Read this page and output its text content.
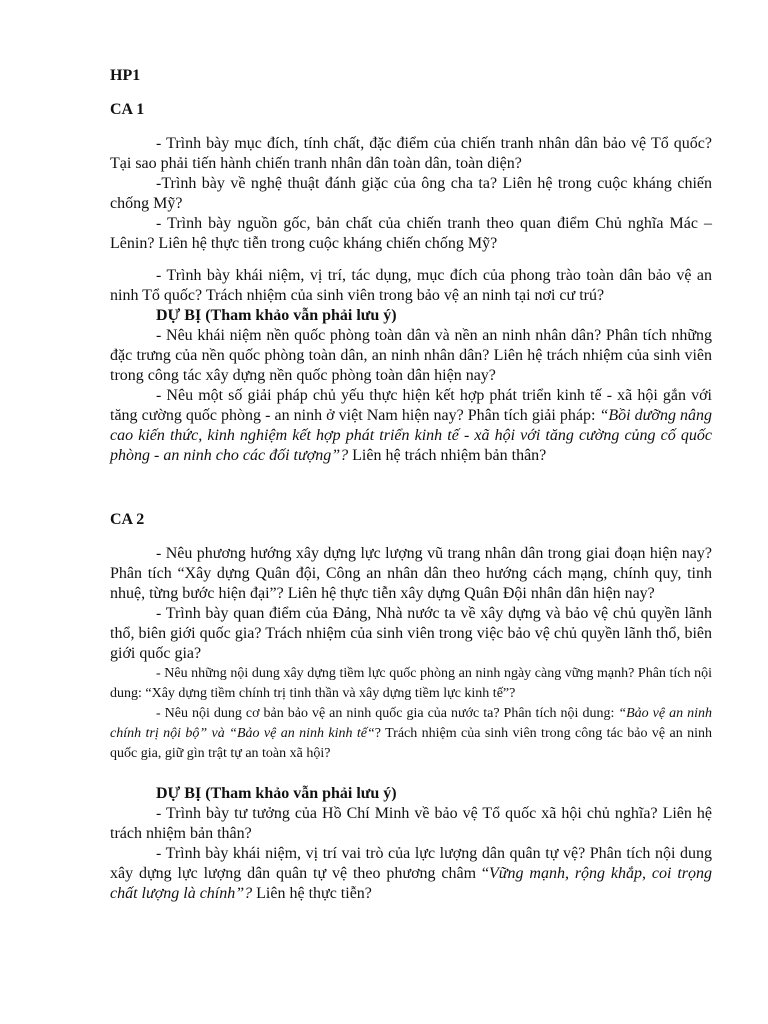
HP1

CA 1

- Trình bày mục đích, tính chất, đặc điểm của chiến tranh nhân dân bảo vệ Tổ quốc? Tại sao phải tiến hành chiến tranh nhân dân toàn dân, toàn diện?

-Trình bày về nghệ thuật đánh giặc của ông cha ta? Liên hệ trong cuộc kháng chiến chống Mỹ?

- Trình bày nguồn gốc, bản chất của chiến tranh theo quan điểm Chủ nghĩa Mác – Lênin? Liên hệ thực tiễn trong cuộc kháng chiến chống Mỹ?

- Trình bày khái niệm, vị trí, tác dụng, mục đích của phong trào toàn dân bảo vệ an ninh Tổ quốc? Trách nhiệm của sinh viên trong bảo vệ an ninh tại nơi cư trú?

DỰ BỊ (Tham khảo vẫn phải lưu ý)

- Nêu khái niệm nền quốc phòng toàn dân và nền an ninh nhân dân? Phân tích những đặc trưng của nền quốc phòng toàn dân, an ninh nhân dân? Liên hệ trách nhiệm của sinh viên trong công tác xây dựng nền quốc phòng toàn dân hiện nay?

- Nêu một số giải pháp chủ yếu thực hiện kết hợp phát triển kinh tế - xã hội gắn với tăng cường quốc phòng - an ninh ở việt Nam hiện nay? Phân tích giải pháp: “Bồi dưỡng nâng cao kiến thức, kinh nghiệm kết hợp phát triển kinh tế - xã hội với tăng cường củng cố quốc phòng - an ninh cho các đối tượng”? Liên hệ trách nhiệm bản thân?

CA 2

- Nêu phương hướng xây dựng lực lượng vũ trang nhân dân trong giai đoạn hiện nay? Phân tích “Xây dựng Quân đội, Công an nhân dân theo hướng cách mạng, chính quy, tinh nhuệ, từng bước hiện đại”? Liên hệ thực tiễn xây dựng Quân Đội nhân dân hiện nay?

- Trình bày quan điểm của Đảng, Nhà nước ta về xây dựng và bảo vệ chủ quyền lãnh thổ, biên giới quốc gia? Trách nhiệm của sinh viên trong việc bảo vệ chủ quyền lãnh thổ, biên giới quốc gia?

- Nêu những nội dung xây dựng tiềm lực quốc phòng an ninh ngày càng vững mạnh? Phân tích nội dung: “Xây dựng tiềm chính trị tinh thần và xây dựng tiềm lực kinh tế”?

- Nêu nội dung cơ bản bảo vệ an ninh quốc gia của nước ta? Phân tích nội dung: “Bảo vệ an ninh chính trị nội bộ” và “Bảo vệ an ninh kinh tế“? Trách nhiệm của sinh viên trong công tác bảo vệ an ninh quốc gia, giữ gìn trật tự an toàn xã hội?

DỰ BỊ (Tham khảo vẫn phải lưu ý)

- Trình bày tư tưởng của Hồ Chí Minh về bảo vệ Tổ quốc xã hội chủ nghĩa? Liên hệ trách nhiệm bản thân?

- Trình bày khái niệm, vị trí vai trò của lực lượng dân quân tự vệ? Phân tích nội dung xây dựng lực lượng dân quân tự vệ theo phương châm “Vững mạnh, rộng khắp, coi trọng chất lượng là chính”? Liên hệ thực tiễn?
